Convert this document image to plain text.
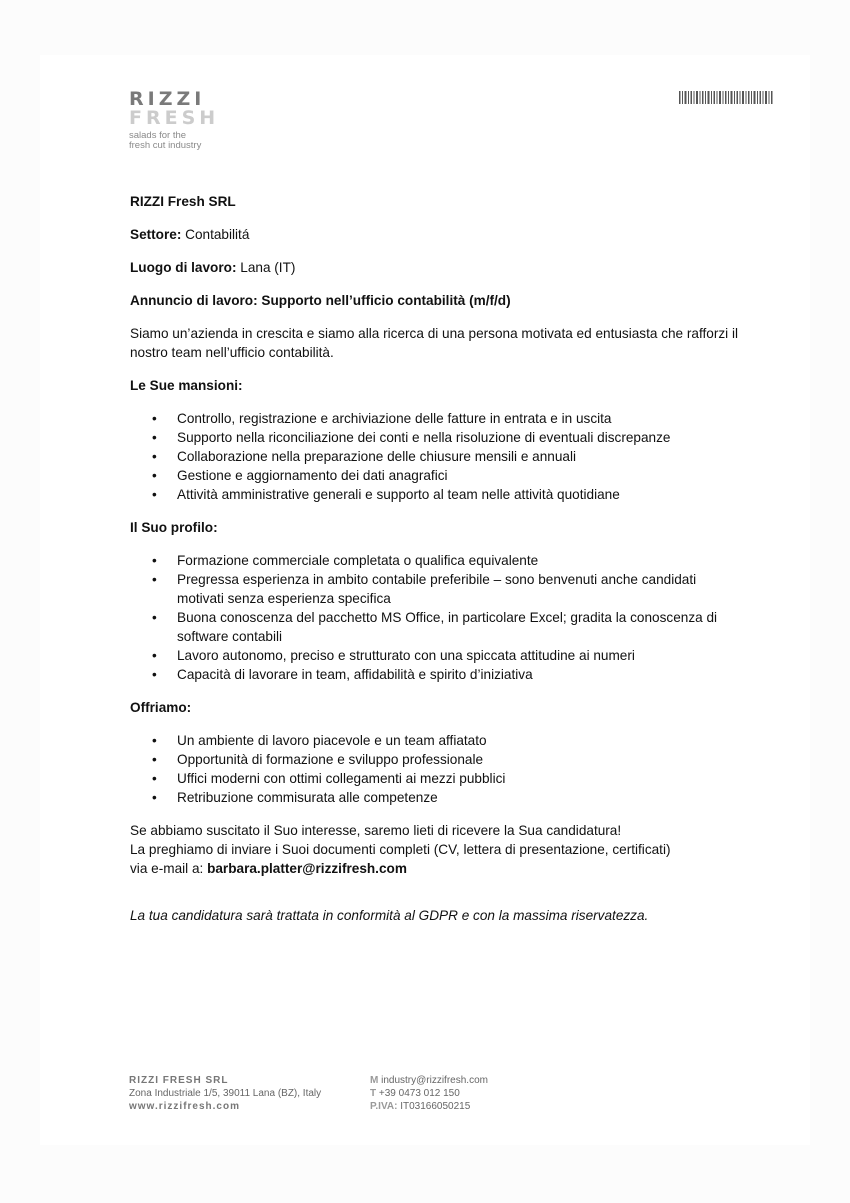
RIZZI
FRESH
salads for the fresh cut industry

RIZZI Fresh SRL

Settore: Contabilitá

Luogo di lavoro: Lana (IT)

Annuncio di lavoro: Supporto nell’ufficio contabilità (m/f/d)

Siamo un’azienda in crescita e siamo alla ricerca di una persona motivata ed entusiasta che rafforzi il nostro team nell’ufficio contabilità.

Le Sue mansioni:

• Controllo, registrazione e archiviazione delle fatture in entrata e in uscita
• Supporto nella riconciliazione dei conti e nella risoluzione di eventuali discrepanze
• Collaborazione nella preparazione delle chiusure mensili e annuali
• Gestione e aggiornamento dei dati anagrafici
• Attività amministrative generali e supporto al team nelle attività quotidiane

Il Suo profilo:

• Formazione commerciale completata o qualifica equivalente
• Pregressa esperienza in ambito contabile preferibile – sono benvenuti anche candidati motivati senza esperienza specifica
• Buona conoscenza del pacchetto MS Office, in particolare Excel; gradita la conoscenza di software contabili
• Lavoro autonomo, preciso e strutturato con una spiccata attitudine ai numeri
• Capacità di lavorare in team, affidabilità e spirito d’iniziativa

Offriamo:

• Un ambiente di lavoro piacevole e un team affiatato
• Opportunità di formazione e sviluppo professionale
• Uffici moderni con ottimi collegamenti ai mezzi pubblici
• Retribuzione commisurata alle competenze

Se abbiamo suscitato il Suo interesse, saremo lieti di ricevere la Sua candidatura!

La preghiamo di inviare i Suoi documenti completi (CV, lettera di presentazione, certificati)

via e-mail a: barbara.platter@rizzifresh.com

La tua candidatura sarà trattata in conformità al GDPR e con la massima riservatezza.

RIZZI FRESH SRL
Zona Industriale 1/5, 39011 Lana (BZ), Italy
www.rizzifresh.com
M industry@rizzifresh.com
T +39 0473 012 150
P.IVA: IT03166050215
